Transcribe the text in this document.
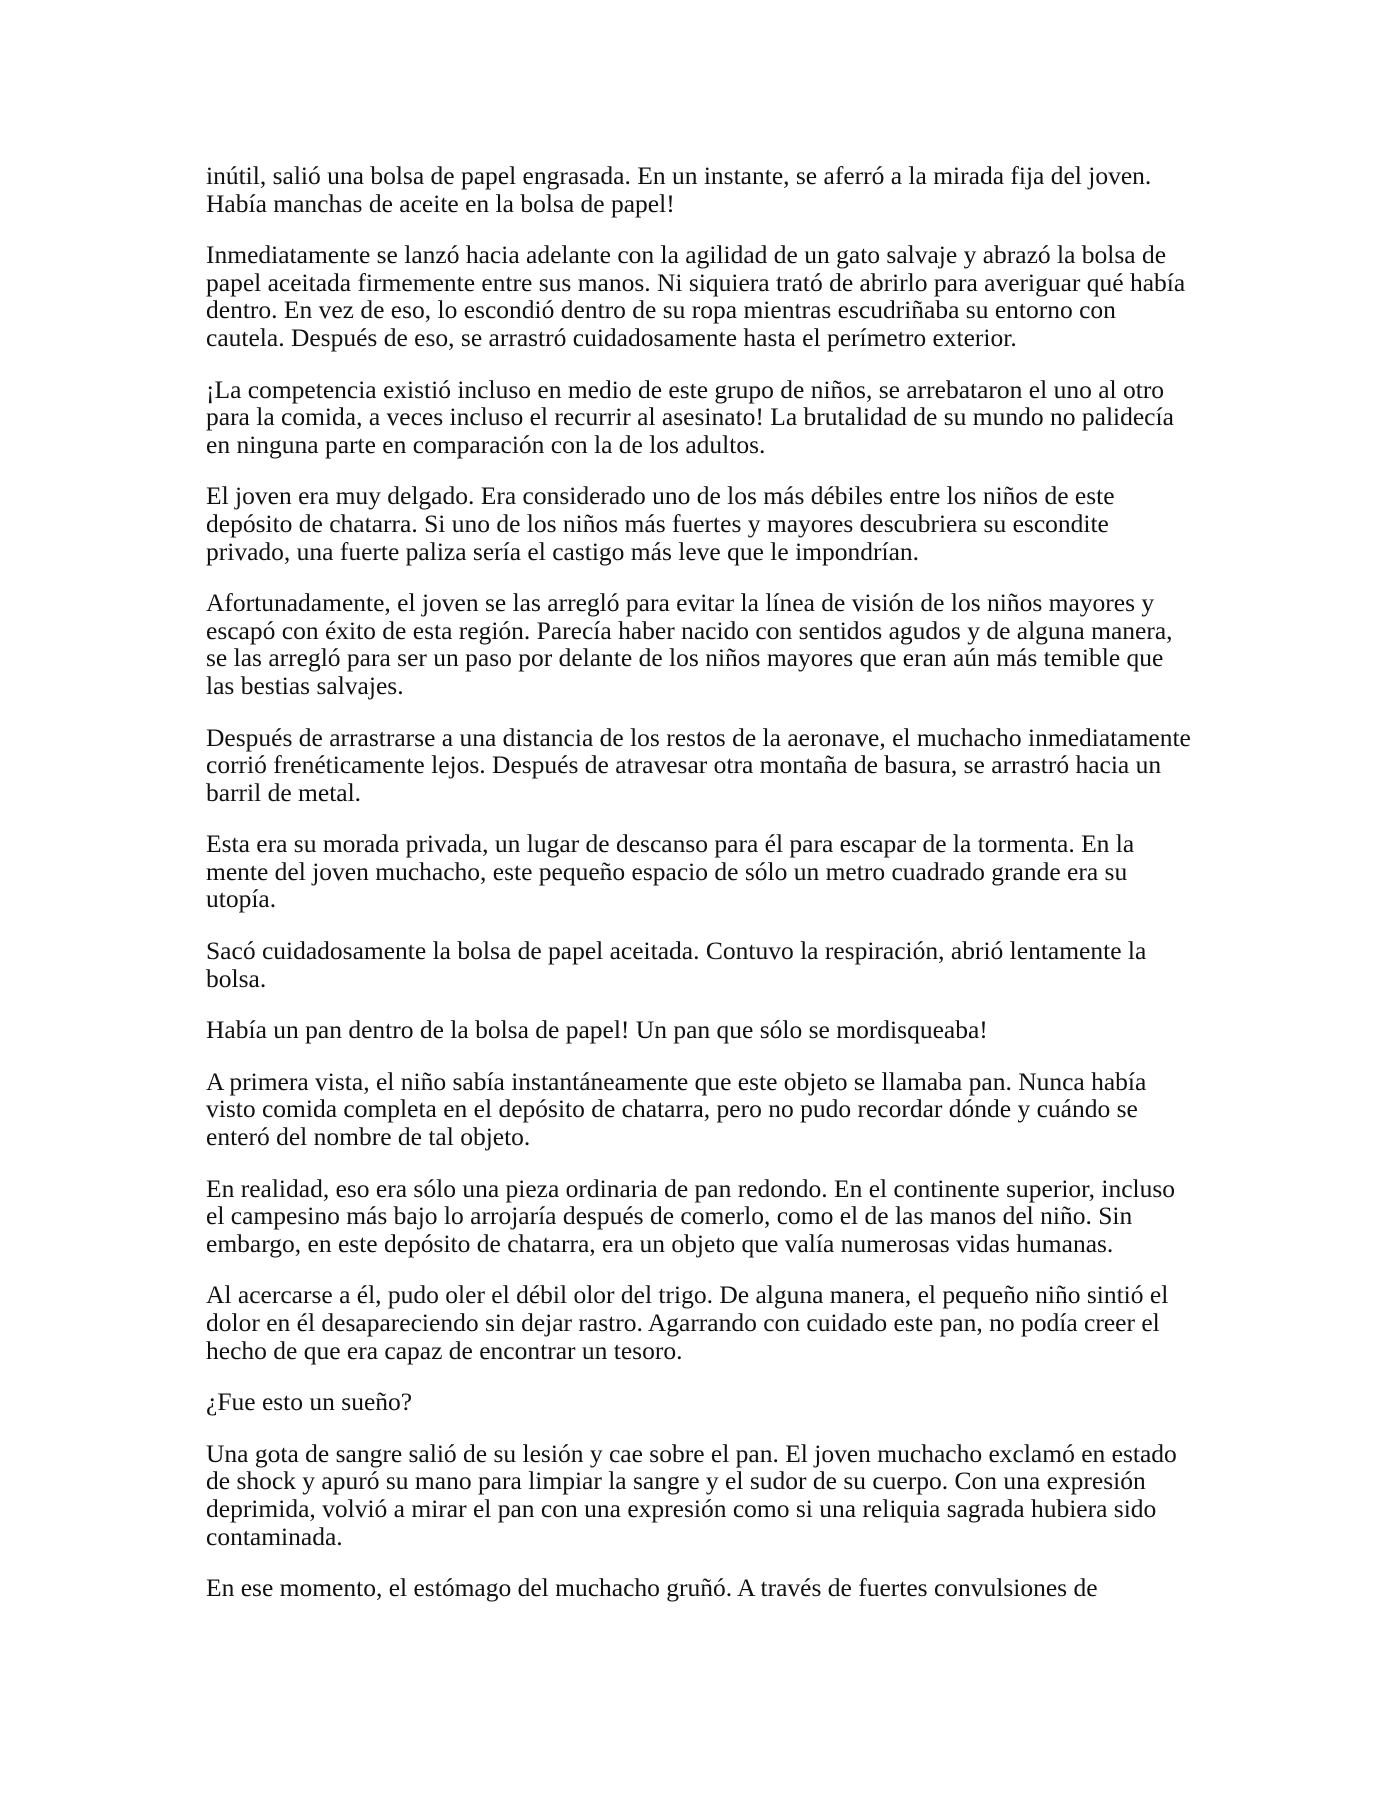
inútil, salió una bolsa de papel engrasada. En un instante, se aferró a la mirada fija del joven. Había manchas de aceite en la bolsa de papel!

Inmediatamente se lanzó hacia adelante con la agilidad de un gato salvaje y abrazó la bolsa de papel aceitada firmemente entre sus manos. Ni siquiera trató de abrirlo para averiguar qué había dentro. En vez de eso, lo escondió dentro de su ropa mientras escudriñaba su entorno con cautela. Después de eso, se arrastró cuidadosamente hasta el perímetro exterior.

¡La competencia existió incluso en medio de este grupo de niños, se arrebataron el uno al otro para la comida, a veces incluso el recurrir al asesinato! La brutalidad de su mundo no palidecía en ninguna parte en comparación con la de los adultos.

El joven era muy delgado. Era considerado uno de los más débiles entre los niños de este depósito de chatarra. Si uno de los niños más fuertes y mayores descubriera su escondite privado, una fuerte paliza sería el castigo más leve que le impondrían.

Afortunadamente, el joven se las arregló para evitar la línea de visión de los niños mayores y escapó con éxito de esta región. Parecía haber nacido con sentidos agudos y de alguna manera, se las arregló para ser un paso por delante de los niños mayores que eran aún más temible que las bestias salvajes.

Después de arrastrarse a una distancia de los restos de la aeronave, el muchacho inmediatamente corrió frenéticamente lejos. Después de atravesar otra montaña de basura, se arrastró hacia un barril de metal.

Esta era su morada privada, un lugar de descanso para él para escapar de la tormenta. En la mente del joven muchacho, este pequeño espacio de sólo un metro cuadrado grande era su utopía.

Sacó cuidadosamente la bolsa de papel aceitada. Contuvo la respiración, abrió lentamente la bolsa.

Había un pan dentro de la bolsa de papel! Un pan que sólo se mordisqueaba!

A primera vista, el niño sabía instantáneamente que este objeto se llamaba pan. Nunca había visto comida completa en el depósito de chatarra, pero no pudo recordar dónde y cuándo se enteró del nombre de tal objeto.

En realidad, eso era sólo una pieza ordinaria de pan redondo. En el continente superior, incluso el campesino más bajo lo arrojaría después de comerlo, como el de las manos del niño. Sin embargo, en este depósito de chatarra, era un objeto que valía numerosas vidas humanas.

Al acercarse a él, pudo oler el débil olor del trigo. De alguna manera, el pequeño niño sintió el dolor en él desapareciendo sin dejar rastro. Agarrando con cuidado este pan, no podía creer el hecho de que era capaz de encontrar un tesoro.

¿Fue esto un sueño?

Una gota de sangre salió de su lesión y cae sobre el pan. El joven muchacho exclamó en estado de shock y apuró su mano para limpiar la sangre y el sudor de su cuerpo. Con una expresión deprimida, volvió a mirar el pan con una expresión como si una reliquia sagrada hubiera sido contaminada.

En ese momento, el estómago del muchacho gruñó. A través de fuertes convulsiones de
